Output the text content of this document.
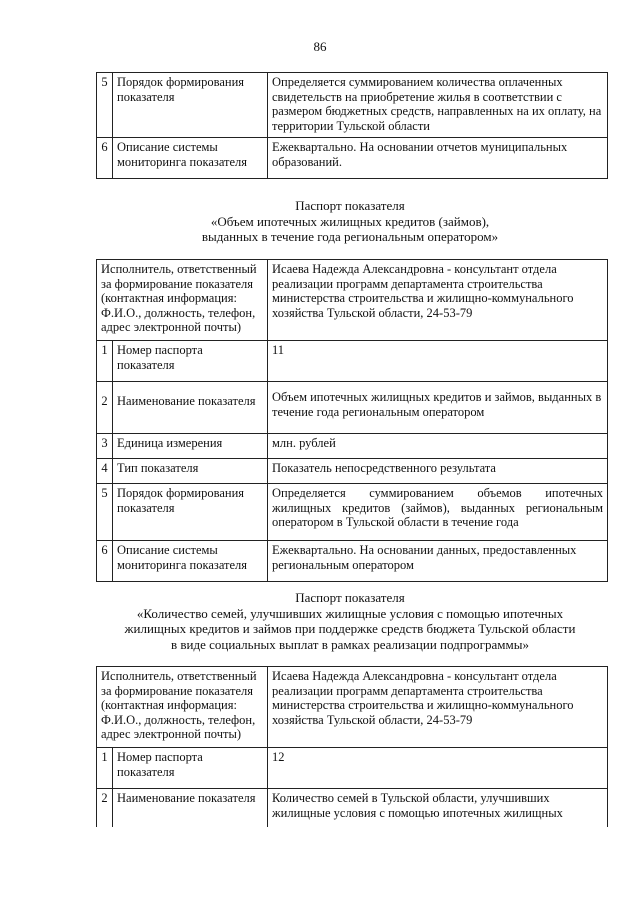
86
5	Порядок формирования показателя	Определяется суммированием количества оплаченных свидетельств на приобретение жилья в соответствии с размером бюджетных средств, направленных на их оплату, на территории Тульской области
6	Описание системы мониторинга показателя	Ежеквартально. На основании отчетов муниципальных образований.
Паспорт показателя
«Объем ипотечных жилищных кредитов (займов),
выданных в течение года региональным оператором»
Исполнитель, ответственный за формирование показателя (контактная информация: Ф.И.О., должность, телефон, адрес электронной почты)		Исаева Надежда Александровна - консультант отдела реализации программ департамента строительства министерства строительства и жилищно-коммунального хозяйства Тульской области, 24-53-79
1	Номер паспорта показателя	11
2	Наименование показателя	Объем ипотечных жилищных кредитов и займов, выданных в течение года региональным оператором
3	Единица измерения	млн. рублей
4	Тип показателя	Показатель непосредственного результата
5	Порядок формирования показателя	Определяется суммированием объемов ипотечных жилищных кредитов (займов), выданных региональным оператором в Тульской области в течение года
6	Описание системы мониторинга показателя	Ежеквартально. На основании данных, предоставленных региональным оператором
Паспорт показателя
«Количество семей, улучшивших жилищные условия с помощью ипотечных
жилищных кредитов и займов при поддержке средств бюджета Тульской области
в виде социальных выплат в рамках реализации подпрограммы»
Исполнитель, ответственный за формирование показателя (контактная информация: Ф.И.О., должность, телефон, адрес электронной почты)		Исаева Надежда Александровна - консультант отдела реализации программ департамента строительства министерства строительства и жилищно-коммунального хозяйства Тульской области, 24-53-79
1	Номер паспорта показателя	12
2	Наименование показателя	Количество семей в Тульской области, улучшивших жилищные условия с помощью ипотечных жилищных
